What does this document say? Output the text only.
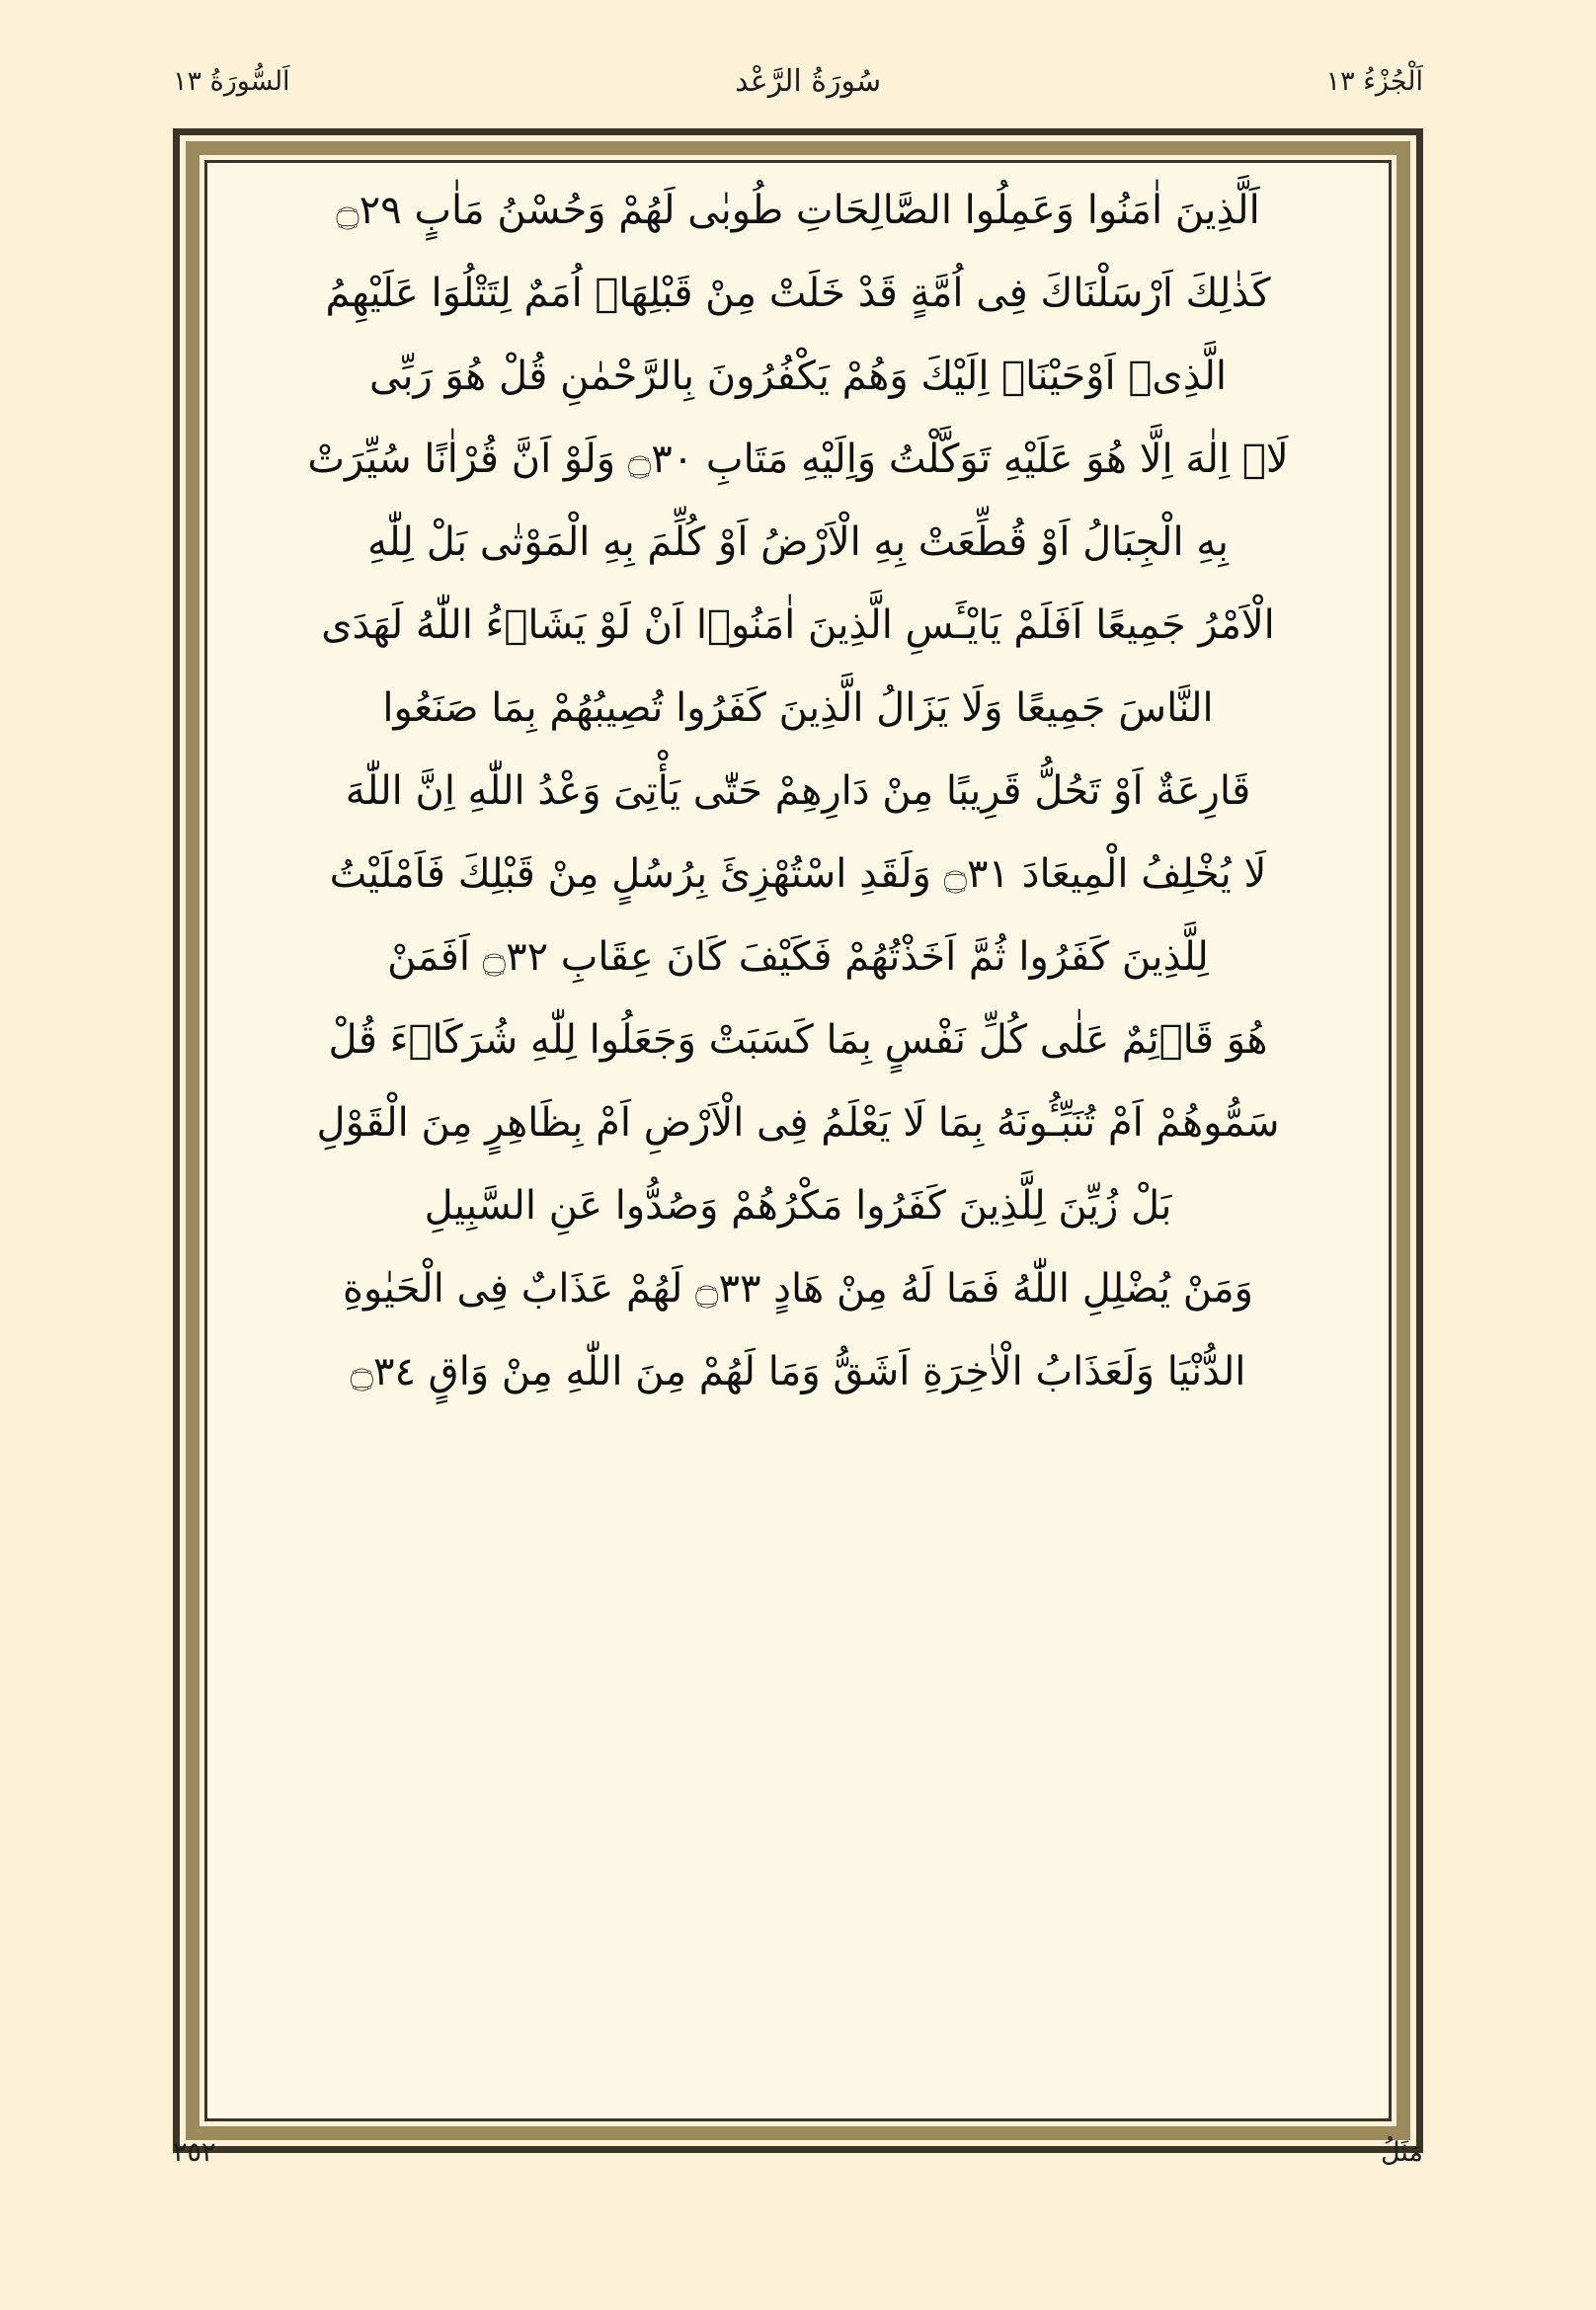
اَلْجُزْءُ ١٣
سُورَةُ الرَّعْد
اَلسُّورَةُ ١٣
اَلَّذِينَ اٰمَنُوا وَعَمِلُوا الصَّالِحَاتِ طُوبٰى لَهُمْ وَحُسْنُ مَاٰبٍ ۝٢٩
كَذٰلِكَ اَرْسَلْنَاكَ فِى اُمَّةٍ قَدْ خَلَتْ مِنْ قَبْلِهَاۤ اُمَمٌ لِتَتْلُوَا عَلَيْهِمُ
الَّذِىۤ اَوْحَيْنَاۤ اِلَيْكَ وَهُمْ يَكْفُرُونَ بِالرَّحْمٰنِ قُلْ هُوَ رَبِّى
لَاۤ اِلٰهَ اِلَّا هُوَ عَلَيْهِ تَوَكَّلْتُ وَاِلَيْهِ مَتَابِ ۝٣٠ وَلَوْ اَنَّ قُرْاٰنًا سُيِّرَتْ
بِهِ الْجِبَالُ اَوْ قُطِّعَتْ بِهِ الْاَرْضُ اَوْ كُلِّمَ بِهِ الْمَوْتٰى بَلْ لِلّٰهِ
الْاَمْرُ جَمِيعًا اَفَلَمْ يَايْـَٔسِ الَّذِينَ اٰمَنُوۤا اَنْ لَوْ يَشَاۤءُ اللّٰهُ لَهَدَى
النَّاسَ جَمِيعًا وَلَا يَزَالُ الَّذِينَ كَفَرُوا تُصِيبُهُمْ بِمَا صَنَعُوا
قَارِعَةٌ اَوْ تَحُلُّ قَرِيبًا مِنْ دَارِهِمْ حَتّٰى يَأْتِىَ وَعْدُ اللّٰهِ اِنَّ اللّٰهَ
لَا يُخْلِفُ الْمِيعَادَ ۝٣١ وَلَقَدِ اسْتُهْزِئَ بِرُسُلٍ مِنْ قَبْلِكَ فَاَمْلَيْتُ
لِلَّذِينَ كَفَرُوا ثُمَّ اَخَذْتُهُمْ فَكَيْفَ كَانَ عِقَابِ ۝٣٢ اَفَمَنْ
هُوَ قَاۤئِمٌ عَلٰى كُلِّ نَفْسٍ بِمَا كَسَبَتْ وَجَعَلُوا لِلّٰهِ شُرَكَاۤءَ قُلْ
سَمُّوهُمْ اَمْ تُنَبِّـُٔونَهُ بِمَا لَا يَعْلَمُ فِى الْاَرْضِ اَمْ بِظَاهِرٍ مِنَ الْقَوْلِ
بَلْ زُيِّنَ لِلَّذِينَ كَفَرُوا مَكْرُهُمْ وَصُدُّوا عَنِ السَّبِيلِ
وَمَنْ يُضْلِلِ اللّٰهُ فَمَا لَهُ مِنْ هَادٍ ۝٣٣ لَهُمْ عَذَابٌ فِى الْحَيٰوةِ
الدُّنْيَا وَلَعَذَابُ الْاٰخِرَةِ اَشَقُّ وَمَا لَهُمْ مِنَ اللّٰهِ مِنْ وَاقٍ ۝٣٤
مَثَلُ
٢٥٢
